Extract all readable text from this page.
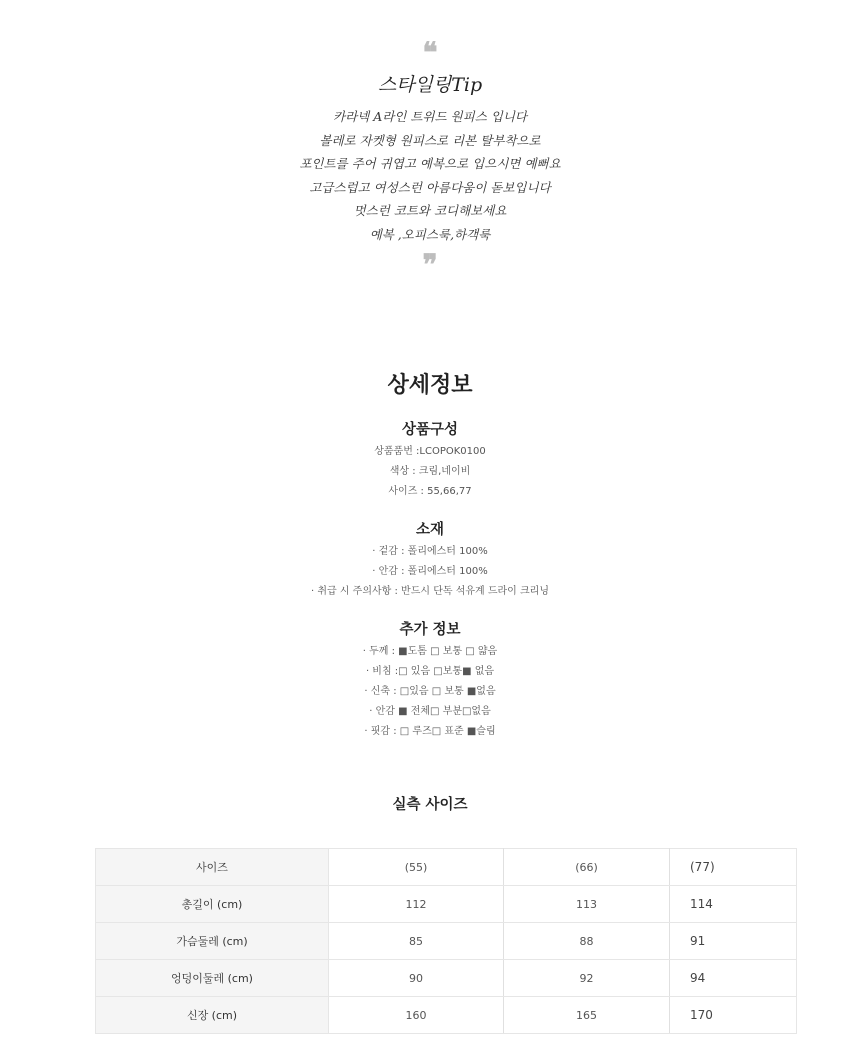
❝
스타일링Tip
카라넥 A라인 트위드 원피스 입니다
볼레로 자켓형 원피스로 리본 탈부착으로
포인트를 주어 귀엽고 예복으로 입으시면 예뻐요
고급스럽고 여성스런 아름다움이 돋보입니다
멋스런 코트와 코디해보세요
예복 ,오피스룩,하객룩
❞
상세정보
상품구성
상품품번 :LCOPOK0100
색상 : 크림,네이비
사이즈 : 55,66,77
소재
· 겉감 : 폴리에스터 100%
· 안감 : 폴리에스터 100%
· 취급 시 주의사항 : 반드시 단독 석유계 드라이 크리닝
추가 정보
· 두께 : ■도톰 □ 보통 □ 얇음
· 비침 :□ 있음 □보통■ 없음
· 신축 : □있음 □ 보통 ■없음
· 안감 ■ 전체□ 부분□없음
· 핏감 : □ 루즈□ 표준 ■슬림
실측 사이즈
사이즈	(55)	(66)	(77)
총길이 (cm)	112	113	114
가슴둘레 (cm)	85	88	91
엉덩이둘레 (cm)	90	92	94
신장 (cm)	160	165	170
